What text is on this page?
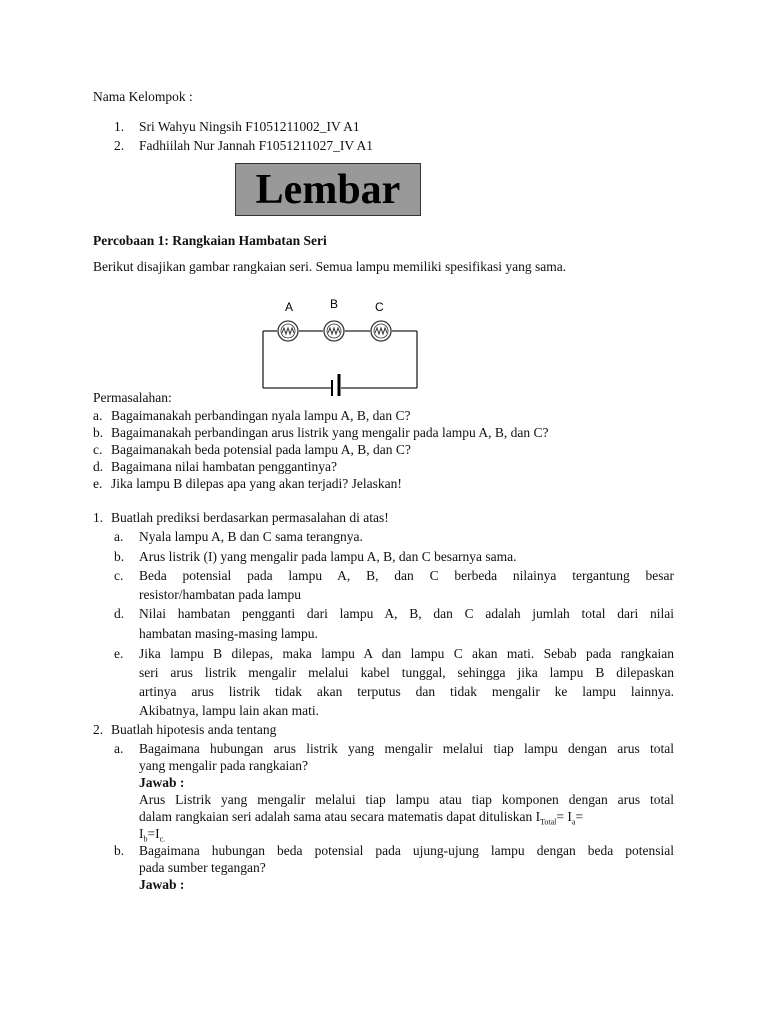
Nama Kelompok :
1. Sri Wahyu Ningsih F1051211002_IV A1
2. Fadhiilah Nur Jannah F1051211027_IV A1
Lembar
Percobaan 1: Rangkaian Hambatan Seri
Berikut disajikan gambar rangkaian seri. Semua lampu memiliki spesifikasi yang sama.
A	B	C
Permasalahan:
a. Bagaimanakah perbandingan nyala lampu A, B, dan C?
b. Bagaimanakah perbandingan arus listrik yang mengalir pada lampu A, B, dan C?
c. Bagaimanakah beda potensial pada lampu A, B, dan C?
d. Bagaimana nilai hambatan penggantinya?
e. Jika lampu B dilepas apa yang akan terjadi? Jelaskan!
1. Buatlah prediksi berdasarkan permasalahan di atas!
a. Nyala lampu A, B dan C sama terangnya.
b. Arus listrik (I) yang mengalir pada lampu A, B, dan C besarnya sama.
c. Beda potensial pada lampu A, B, dan C berbeda nilainya tergantung besar
resistor/hambatan pada lampu
d. Nilai hambatan pengganti dari lampu A, B, dan C adalah jumlah total dari nilai
hambatan masing-masing lampu.
e. Jika lampu B dilepas, maka lampu A dan lampu C akan mati. Sebab pada rangkaian
seri arus listrik mengalir melalui kabel tunggal, sehingga jika lampu B dilepaskan
artinya arus listrik tidak akan terputus dan tidak mengalir ke lampu lainnya.
Akibatnya, lampu lain akan mati.
2. Buatlah hipotesis anda tentang
a. Bagaimana hubungan arus listrik yang mengalir melalui tiap lampu dengan arus total
yang mengalir pada rangkaian?
Jawab :
Arus Listrik yang mengalir melalui tiap lampu atau tiap komponen dengan arus total
dalam rangkaian seri adalah sama atau secara matematis dapat dituliskan $I_{Total}= I_a=$
$I_b=I_{c.}$
b. Bagaimana hubungan beda potensial pada ujung-ujung lampu dengan beda potensial
pada sumber tegangan?
Jawab :
